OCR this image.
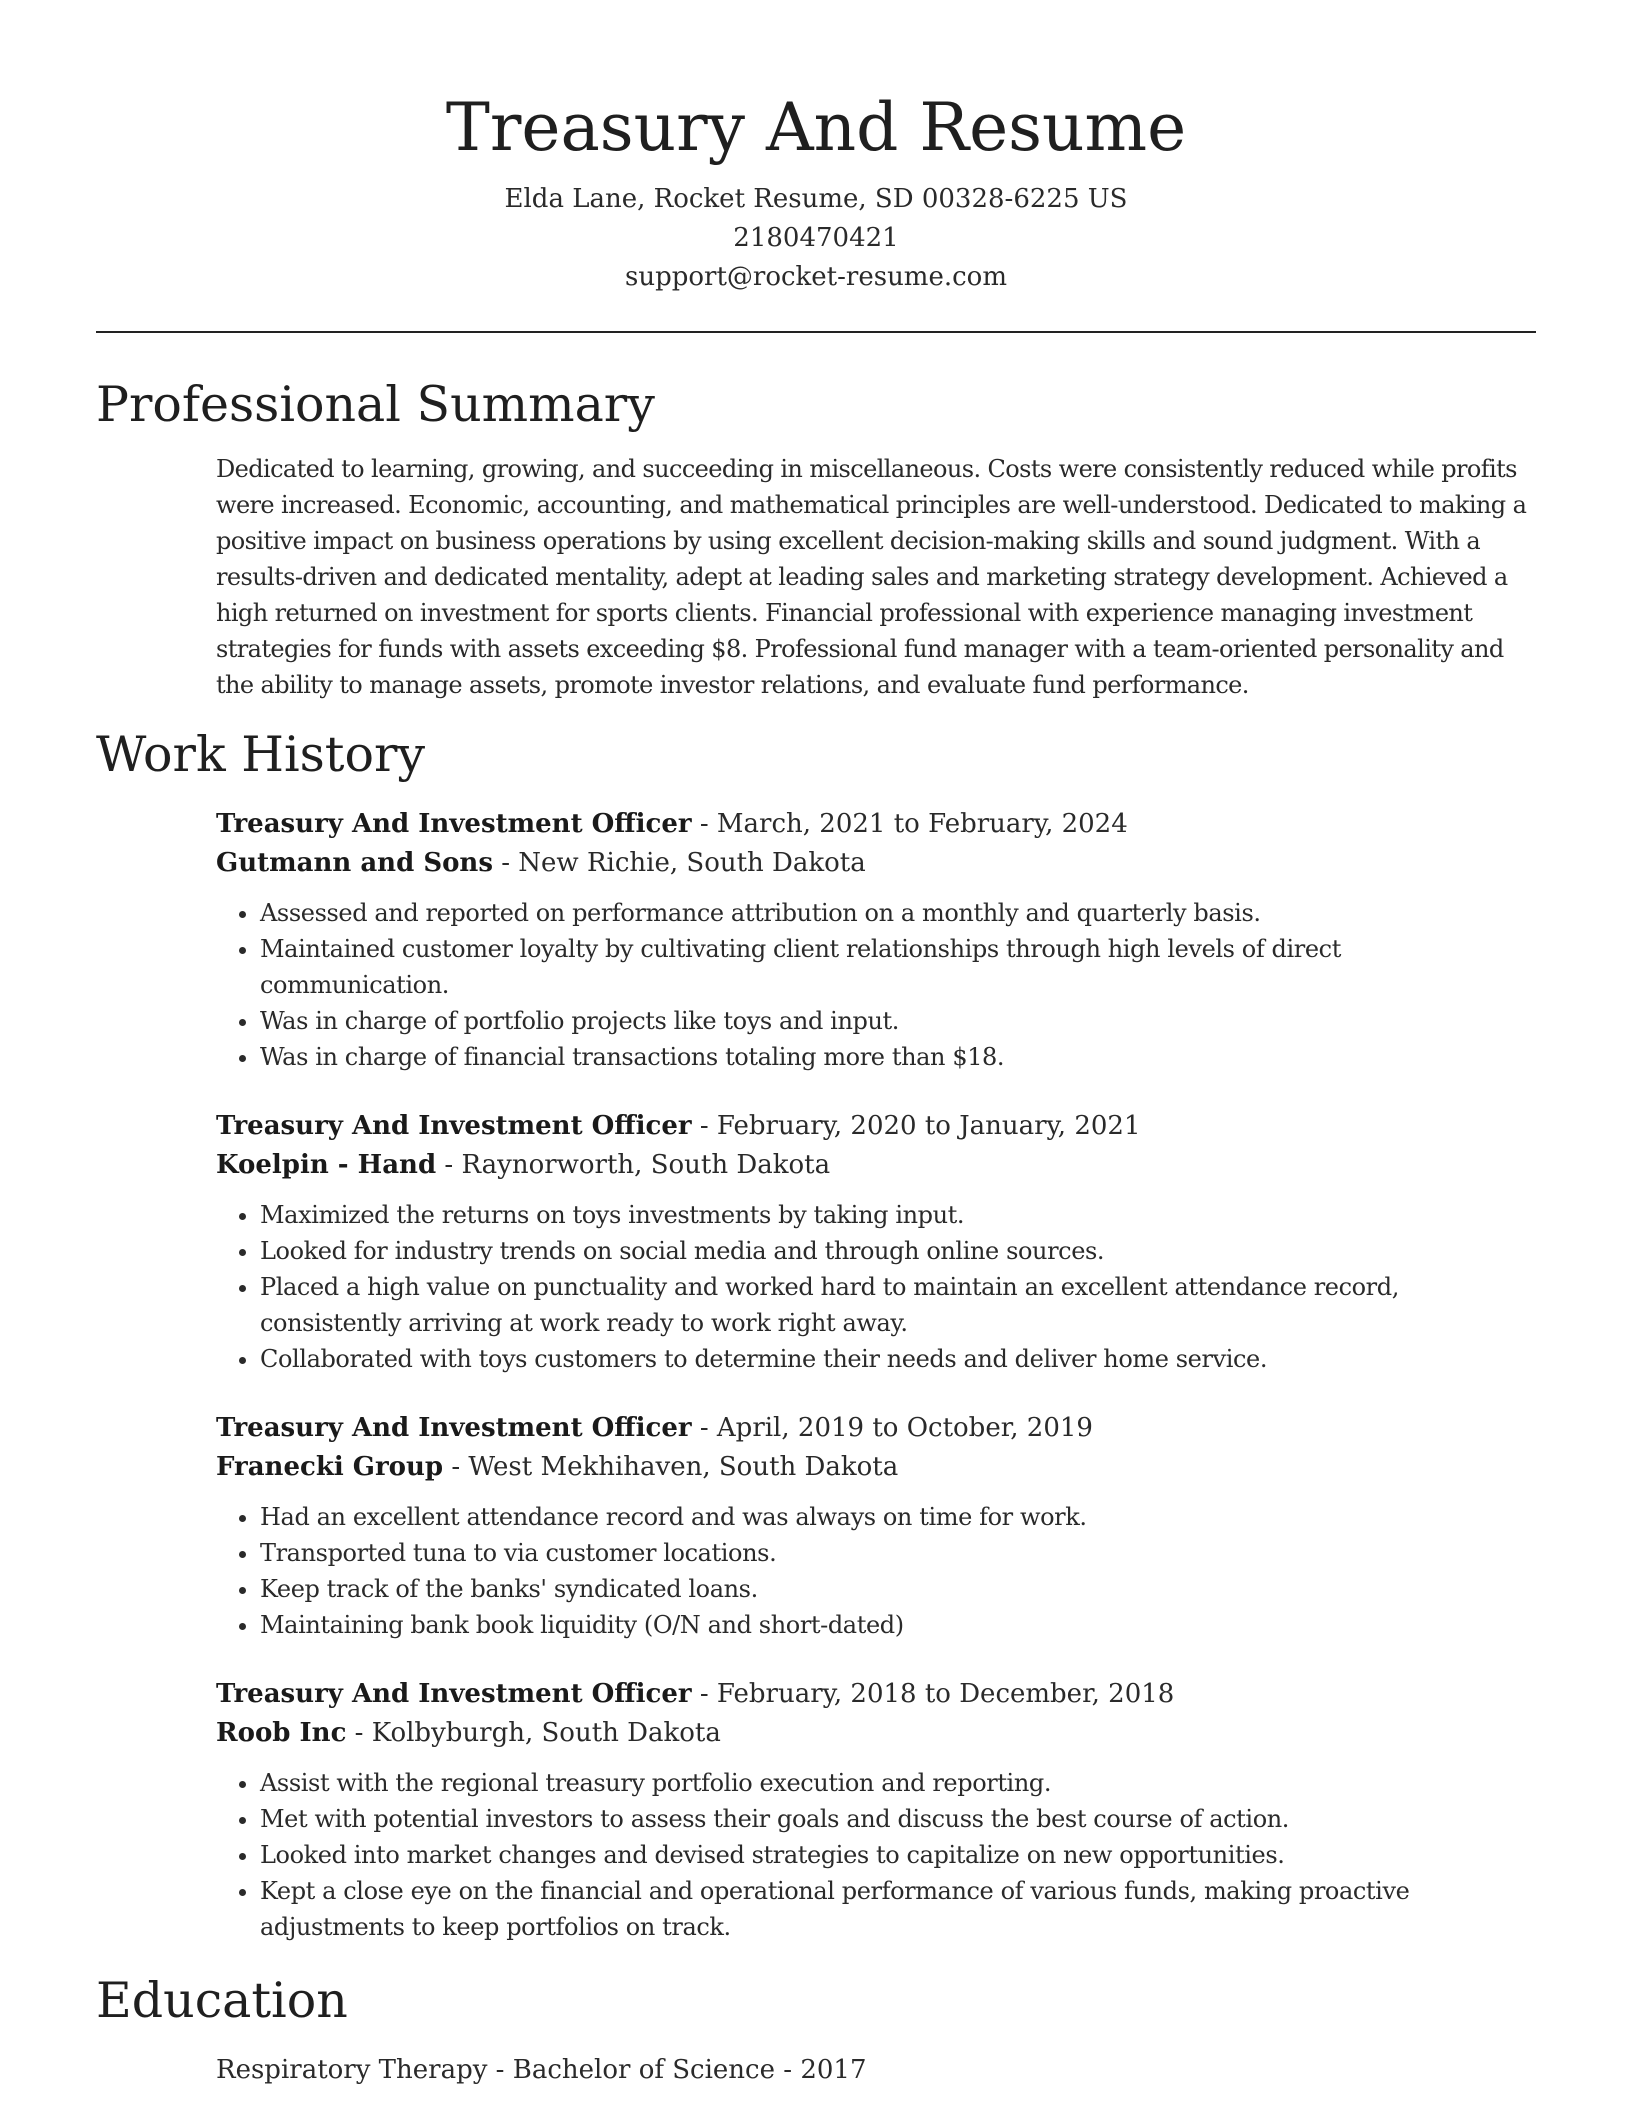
Treasury And Resume
Elda Lane, Rocket Resume, SD 00328-6225 US
2180470421
support@rocket-resume.com
Professional Summary

Dedicated to learning, growing, and succeeding in miscellaneous. Costs were consistently reduced while profits were increased. Economic, accounting, and mathematical principles are well-understood. Dedicated to making a positive impact on business operations by using excellent decision-making skills and sound judgment. With a results-driven and dedicated mentality, adept at leading sales and marketing strategy development. Achieved a high returned on investment for sports clients. Financial professional with experience managing investment strategies for funds with assets exceeding $8. Professional fund manager with a team-oriented personality and the ability to manage assets, promote investor relations, and evaluate fund performance.

Work History
Treasury And Investment Officer - March, 2021 to February, 2024
Gutmann and Sons - New Richie, South Dakota
• Assessed and reported on performance attribution on a monthly and quarterly basis.
• Maintained customer loyalty by cultivating client relationships through high levels of direct communication.
• Was in charge of portfolio projects like toys and input.
• Was in charge of financial transactions totaling more than $18.
Treasury And Investment Officer - February, 2020 to January, 2021
Koelpin - Hand - Raynorworth, South Dakota
• Maximized the returns on toys investments by taking input.
• Looked for industry trends on social media and through online sources.
• Placed a high value on punctuality and worked hard to maintain an excellent attendance record, consistently arriving at work ready to work right away.
• Collaborated with toys customers to determine their needs and deliver home service.
Treasury And Investment Officer - April, 2019 to October, 2019
Franecki Group - West Mekhihaven, South Dakota
• Had an excellent attendance record and was always on time for work.
• Transported tuna to via customer locations.
• Keep track of the banks' syndicated loans.
• Maintaining bank book liquidity (O/N and short-dated)
Treasury And Investment Officer - February, 2018 to December, 2018
Roob Inc - Kolbyburgh, South Dakota
• Assist with the regional treasury portfolio execution and reporting.
• Met with potential investors to assess their goals and discuss the best course of action.
• Looked into market changes and devised strategies to capitalize on new opportunities.
• Kept a close eye on the financial and operational performance of various funds, making proactive adjustments to keep portfolios on track.
Education
Respiratory Therapy - Bachelor of Science - 2017
